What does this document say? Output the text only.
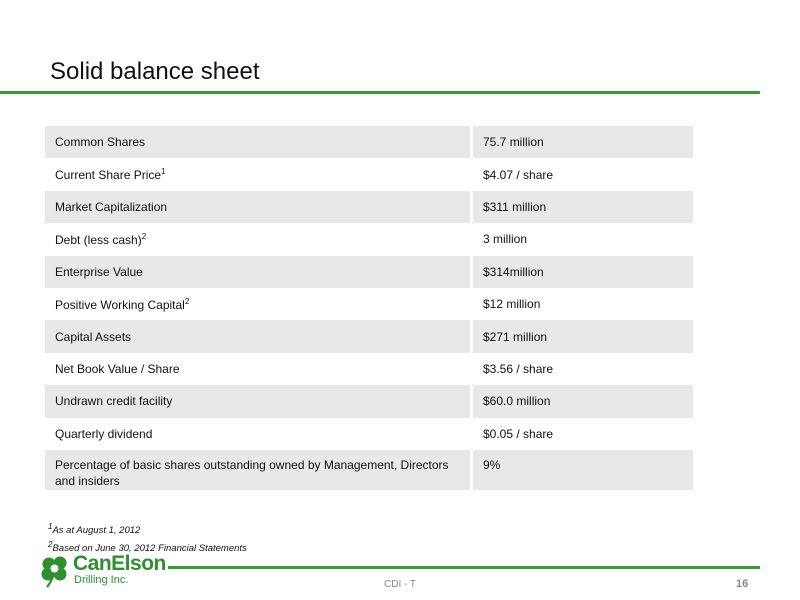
Solid balance sheet
Common Shares	75.7 million
Current Share Price$^1$	$4.07 / share
Market Capitalization	$311 million
Debt (less cash)$^2$	3 million
Enterprise Value	$314million
Positive Working Capital$^2$	$12 million
Capital Assets	$271 million
Net Book Value / Share	$3.56 / share
Undrawn credit facility	$60.0 million
Quarterly dividend	$0.05 / share
Percentage of basic shares outstanding owned by Management, Directors and insiders	9%
$^1$As at August 1, 2012
$^2$Based on June 30, 2012 Financial Statements
CanElson
Drilling Inc.	CDI - T	16
